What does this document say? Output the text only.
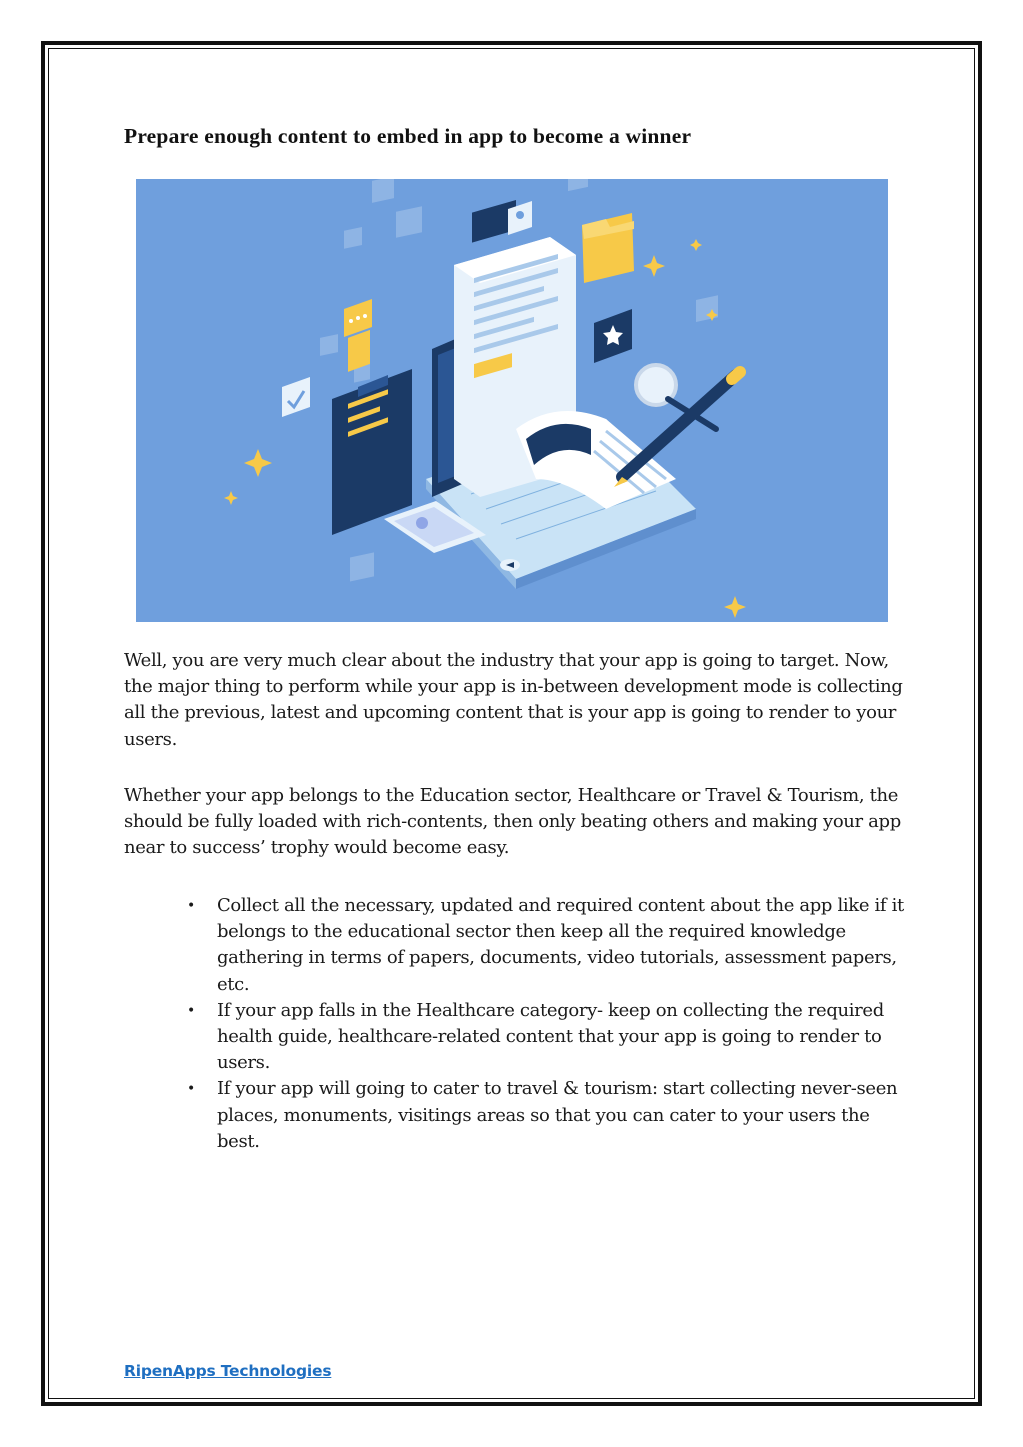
Prepare enough content to embed in app to become a winner

Well, you are very much clear about the industry that your app is going to target. Now, the major thing to perform while your app is in-between development mode is collecting all the previous, latest and upcoming content that is your app is going to render to your users.

Whether your app belongs to the Education sector, Healthcare or Travel & Tourism, the should be fully loaded with rich-contents, then only beating others and making your app near to success’ trophy would become easy.

• Collect all the necessary, updated and required content about the app like if it belongs to the educational sector then keep all the required knowledge gathering in terms of papers, documents, video tutorials, assessment papers, etc.
• If your app falls in the Healthcare category- keep on collecting the required health guide, healthcare-related content that your app is going to render to users.
• If your app will going to cater to travel & tourism: start collecting never-seen places, monuments, visitings areas so that you can cater to your users the best.
RipenApps Technologies
